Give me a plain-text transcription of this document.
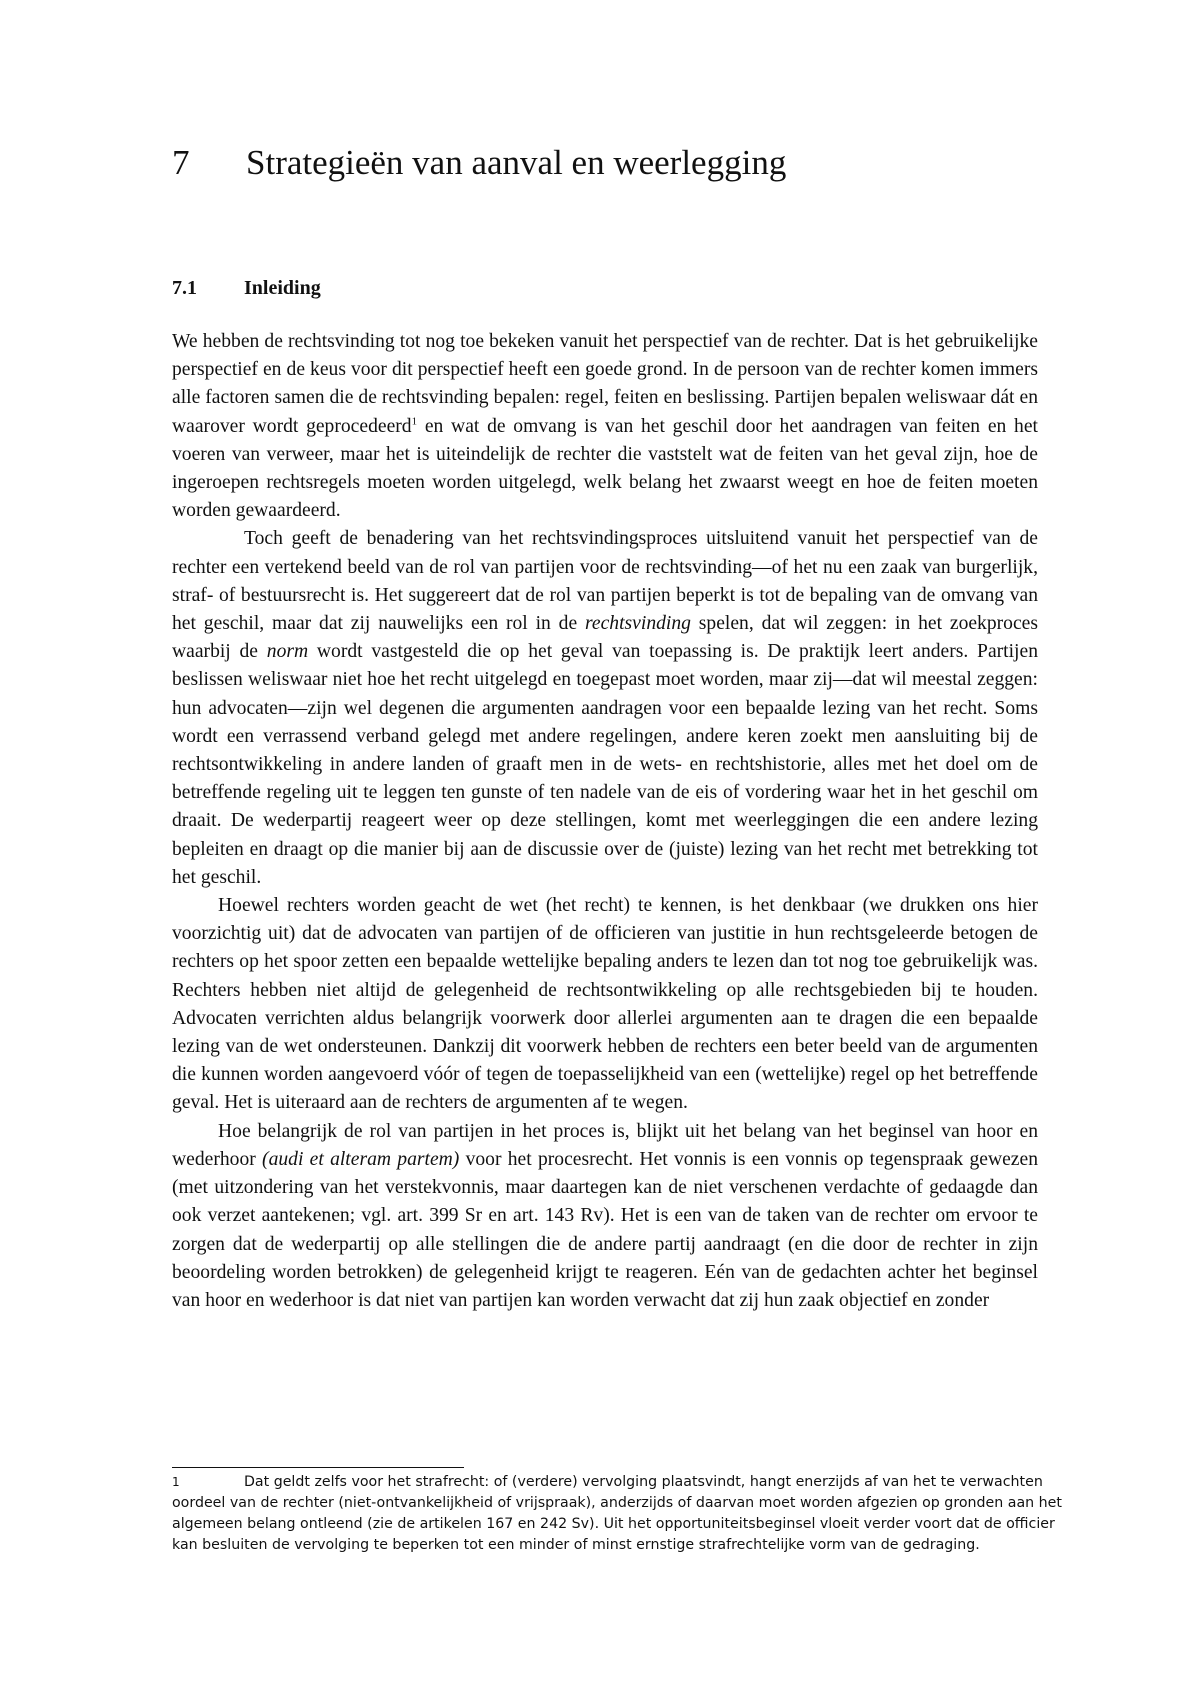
7 Strategieën van aanval en weerlegging
7.1 Inleiding

We hebben de rechtsvinding tot nog toe bekeken vanuit het perspectief van de rechter. Dat is het gebruikelijke perspectief en de keus voor dit perspectief heeft een goede grond. In de persoon van de rechter komen immers alle factoren samen die de rechtsvinding bepalen: regel, feiten en beslissing. Partijen bepalen weliswaar dát en waarover wordt geprocedeerd$^1$ en wat de omvang is van het geschil door het aandragen van feiten en het voeren van verweer, maar het is uiteindelijk de rechter die vaststelt wat de feiten van het geval zijn, hoe de ingeroepen rechtsregels moeten worden uitgelegd, welk belang het zwaarst weegt en hoe de feiten moeten worden gewaardeerd.

Toch geeft de benadering van het rechtsvindingsproces uitsluitend vanuit het perspectief van de rechter een vertekend beeld van de rol van partijen voor de rechtsvinding—of het nu een zaak van burgerlijk, straf- of bestuursrecht is. Het suggereert dat de rol van partijen beperkt is tot de bepaling van de omvang van het geschil, maar dat zij nauwelijks een rol in de rechtsvinding spelen, dat wil zeggen: in het zoekproces waarbij de norm wordt vastgesteld die op het geval van toepassing is. De praktijk leert anders. Partijen beslissen weliswaar niet hoe het recht uitgelegd en toegepast moet worden, maar zij—dat wil meestal zeggen: hun advocaten—zijn wel degenen die argumenten aandragen voor een bepaalde lezing van het recht. Soms wordt een verrassend verband gelegd met andere regelingen, andere keren zoekt men aansluiting bij de rechtsontwikkeling in andere landen of graaft men in de wets- en rechtshistorie, alles met het doel om de betreffende regeling uit te leggen ten gunste of ten nadele van de eis of vordering waar het in het geschil om draait. De wederpartij reageert weer op deze stellingen, komt met weerleggingen die een andere lezing bepleiten en draagt op die manier bij aan de discussie over de (juiste) lezing van het recht met betrekking tot het geschil.

Hoewel rechters worden geacht de wet (het recht) te kennen, is het denkbaar (we drukken ons hier voorzichtig uit) dat de advocaten van partijen of de officieren van justitie in hun rechtsgeleerde betogen de rechters op het spoor zetten een bepaalde wettelijke bepaling anders te lezen dan tot nog toe gebruikelijk was. Rechters hebben niet altijd de gelegenheid de rechtsontwikkeling op alle rechtsgebieden bij te houden. Advocaten verrichten aldus belangrijk voorwerk door allerlei argumenten aan te dragen die een bepaalde lezing van de wet ondersteunen. Dankzij dit voorwerk hebben de rechters een beter beeld van de argumenten die kunnen worden aangevoerd vóór of tegen de toepasselijkheid van een (wettelijke) regel op het betreffende geval. Het is uiteraard aan de rechters de argumenten af te wegen.

Hoe belangrijk de rol van partijen in het proces is, blijkt uit het belang van het beginsel van hoor en wederhoor (audi et alteram partem) voor het procesrecht. Het vonnis is een vonnis op tegenspraak gewezen (met uitzondering van het verstekvonnis, maar daartegen kan de niet verschenen verdachte of gedaagde dan ook verzet aantekenen; vgl. art. 399 Sr en art. 143 Rv). Het is een van de taken van de rechter om ervoor te zorgen dat de wederpartij op alle stellingen die de andere partij aandraagt (en die door de rechter in zijn beoordeling worden betrokken) de gelegenheid krijgt te reageren. Eén van de gedachten achter het beginsel van hoor en wederhoor is dat niet van partijen kan worden verwacht dat zij hun zaak objectief en zonder

1	Dat geldt zelfs voor het strafrecht: of (verdere) vervolging plaatsvindt, hangt enerzijds af van het te verwachten oordeel van de rechter (niet-ontvankelijkheid of vrijspraak), anderzijds of daarvan moet worden afgezien op gronden aan het algemeen belang ontleend (zie de artikelen 167 en 242 Sv). Uit het opportuniteitsbeginsel vloeit verder voort dat de officier kan besluiten de vervolging te beperken tot een minder of minst ernstige strafrechtelijke vorm van de gedraging.
